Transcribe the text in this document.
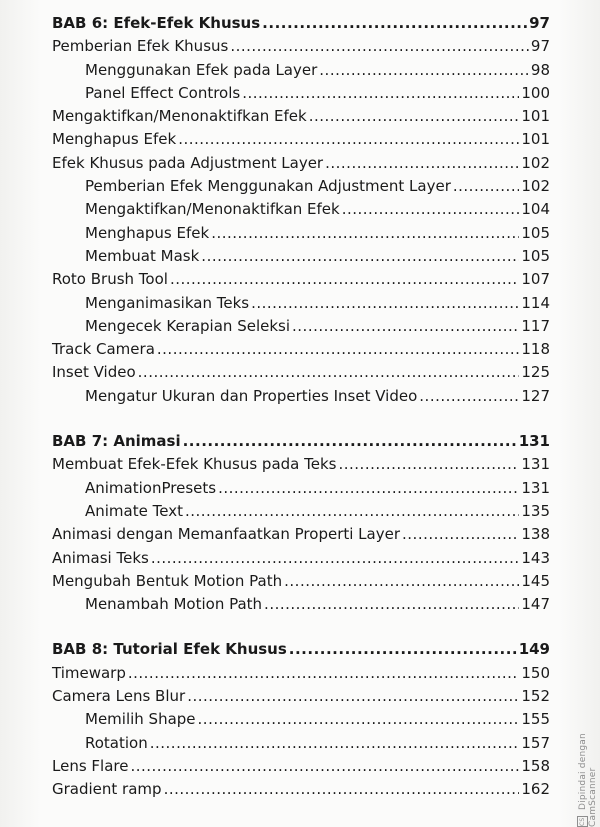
BAB 6: Efek-Efek Khusus .....	97
Pemberian Efek Khusus .....	97
Menggunakan Efek pada Layer .....	98
Panel Effect Controls .....	100
Mengaktifkan/Menonaktifkan Efek .....	101
Menghapus Efek .....	101
Efek Khusus pada Adjustment Layer .....	102
Pemberian Efek Menggunakan Adjustment Layer .....	102
Mengaktifkan/Menonaktifkan Efek .....	104
Menghapus Efek .....	105
Membuat Mask .....	105
Roto Brush Tool .....	107
Menganimasikan Teks .....	114
Mengecek Kerapian Seleksi .....	117
Track Camera .....	118
Inset Video .....	125
Mengatur Ukuran dan Properties Inset Video .....	127
BAB 7: Animasi .....	131
Membuat Efek-Efek Khusus pada Teks .....	131
AnimationPresets .....	131
Animate Text .....	135
Animasi dengan Memanfaatkan Properti Layer .....	138
Animasi Teks .....	143
Mengubah Bentuk Motion Path .....	145
Menambah Motion Path .....	147
BAB 8: Tutorial Efek Khusus .....	149
Timewarp .....	150
Camera Lens Blur .....	152
Memilih Shape .....	155
Rotation .....	157
Lens Flare .....	158
Gradient ramp .....	162
CS Dipindai dengan CamScanner
